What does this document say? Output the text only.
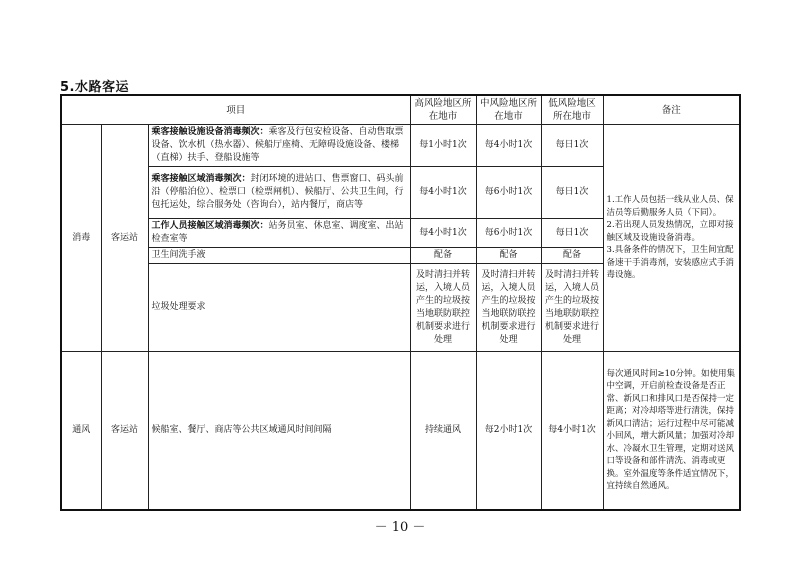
5.水路客运
项目			高风险地区所在地市	中风险地区所在地市	低风险地区所在地市	备注
消毒	客运站	乘客接触设施设备消毒频次：乘客及行包安检设备、自动售取票设备、饮水机（热水器）、候船厅座椅、无障碍设施设备、楼梯（直梯）扶手、登船设施等	每1小时1次	每4小时1次	每日1次	1.工作人员包括一线从业人员、保洁员等后勤服务人员（下同）。
2.若出现人员发热情况，立即对接触区域及设施设备消毒。
3.具备条件的情况下，卫生间宜配备速干手消毒剂，安装感应式手消毒设施。
		乘客接触区域消毒频次：封闭环境的进站口、售票窗口、码头前沿（停船泊位）、检票口（检票闸机）、候船厅、公共卫生间，行包托运处，综合服务处（咨询台），站内餐厅，商店等	每4小时1次	每6小时1次	每日1次	
		工作人员接触区域消毒频次：站务员室、休息室、调度室、出站检查室等	每4小时1次	每6小时1次	每日1次	
		卫生间洗手液	配备	配备	配备	
		垃圾处理要求	及时清扫并转运，入境人员产生的垃圾按当地联防联控机制要求进行处理	及时清扫并转运，入境人员产生的垃圾按当地联防联控机制要求进行处理	及时清扫并转运，入境人员产生的垃圾按当地联防联控机制要求进行处理	
通风	客运站	候船室、餐厅、商店等公共区域通风时间间隔	持续通风	每2小时1次	每4小时1次	每次通风时间≥10分钟。如使用集中空调，开启前检查设备是否正常、新风口和排风口是否保持一定距离；对冷却塔等进行清洗，保持新风口清洁；运行过程中尽可能减小回风，增大新风量；加强对冷却水、冷凝水卫生管理，定期对送风口等设备和部件清洗、消毒或更换。室外温度等条件适宜情况下，宜持续自然通风。
－ 10 －
